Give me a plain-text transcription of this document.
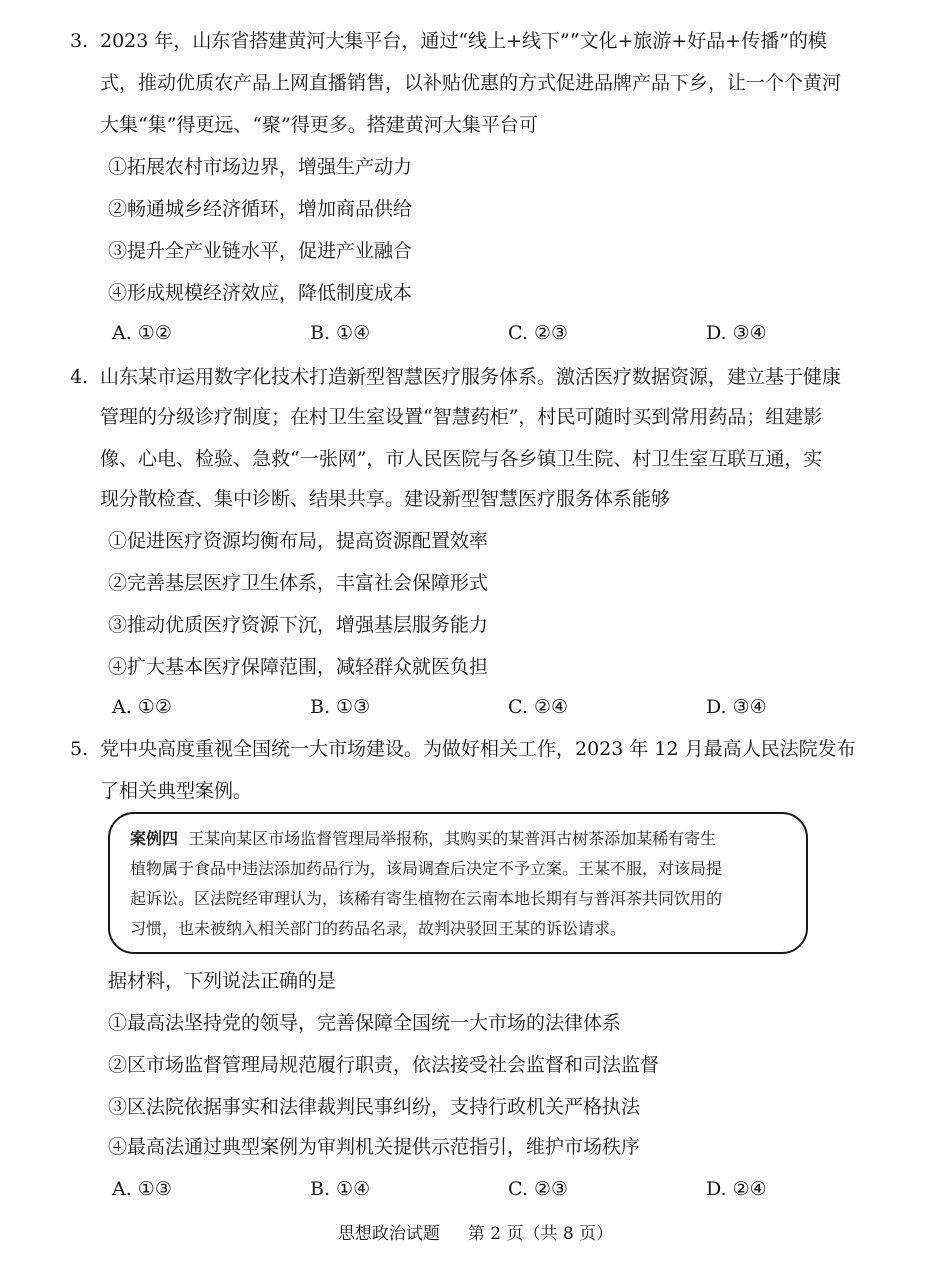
3. 2023 年，山东省搭建黄河大集平台，通过“线上+线下”“文化+旅游+好品+传播”的模
式，推动优质农产品上网直播销售，以补贴优惠的方式促进品牌产品下乡，让一个个黄河
大集“集”得更远、“聚”得更多。搭建黄河大集平台可
①拓展农村市场边界，增强生产动力
②畅通城乡经济循环，增加商品供给
③提升全产业链水平，促进产业融合
④形成规模经济效应，降低制度成本
A. ①②	B. ①④	C. ②③	D. ③④
4. 山东某市运用数字化技术打造新型智慧医疗服务体系。激活医疗数据资源，建立基于健康
管理的分级诊疗制度；在村卫生室设置“智慧药柜”，村民可随时买到常用药品；组建影
像、心电、检验、急救“一张网”，市人民医院与各乡镇卫生院、村卫生室互联互通，实
现分散检查、集中诊断、结果共享。建设新型智慧医疗服务体系能够
①促进医疗资源均衡布局，提高资源配置效率
②完善基层医疗卫生体系，丰富社会保障形式
③推动优质医疗资源下沉，增强基层服务能力
④扩大基本医疗保障范围，减轻群众就医负担
A. ①②	B. ①③	C. ②④	D. ③④
5. 党中央高度重视全国统一大市场建设。为做好相关工作，2023 年 12 月最高人民法院发布
了相关典型案例。
案例四 王某向某区市场监督管理局举报称，其购买的某普洱古树茶添加某稀有寄生
植物属于食品中违法添加药品行为，该局调查后决定不予立案。王某不服，对该局提
起诉讼。区法院经审理认为，该稀有寄生植物在云南本地长期有与普洱茶共同饮用的
习惯，也未被纳入相关部门的药品名录，故判决驳回王某的诉讼请求。
据材料，下列说法正确的是
①最高法坚持党的领导，完善保障全国统一大市场的法律体系
②区市场监督管理局规范履行职责，依法接受社会监督和司法监督
③区法院依据事实和法律裁判民事纠纷，支持行政机关严格执法
④最高法通过典型案例为审判机关提供示范指引，维护市场秩序
A. ①③	B. ①④	C. ②③	D. ②④
思想政治试题 第 2 页（共 8 页）
